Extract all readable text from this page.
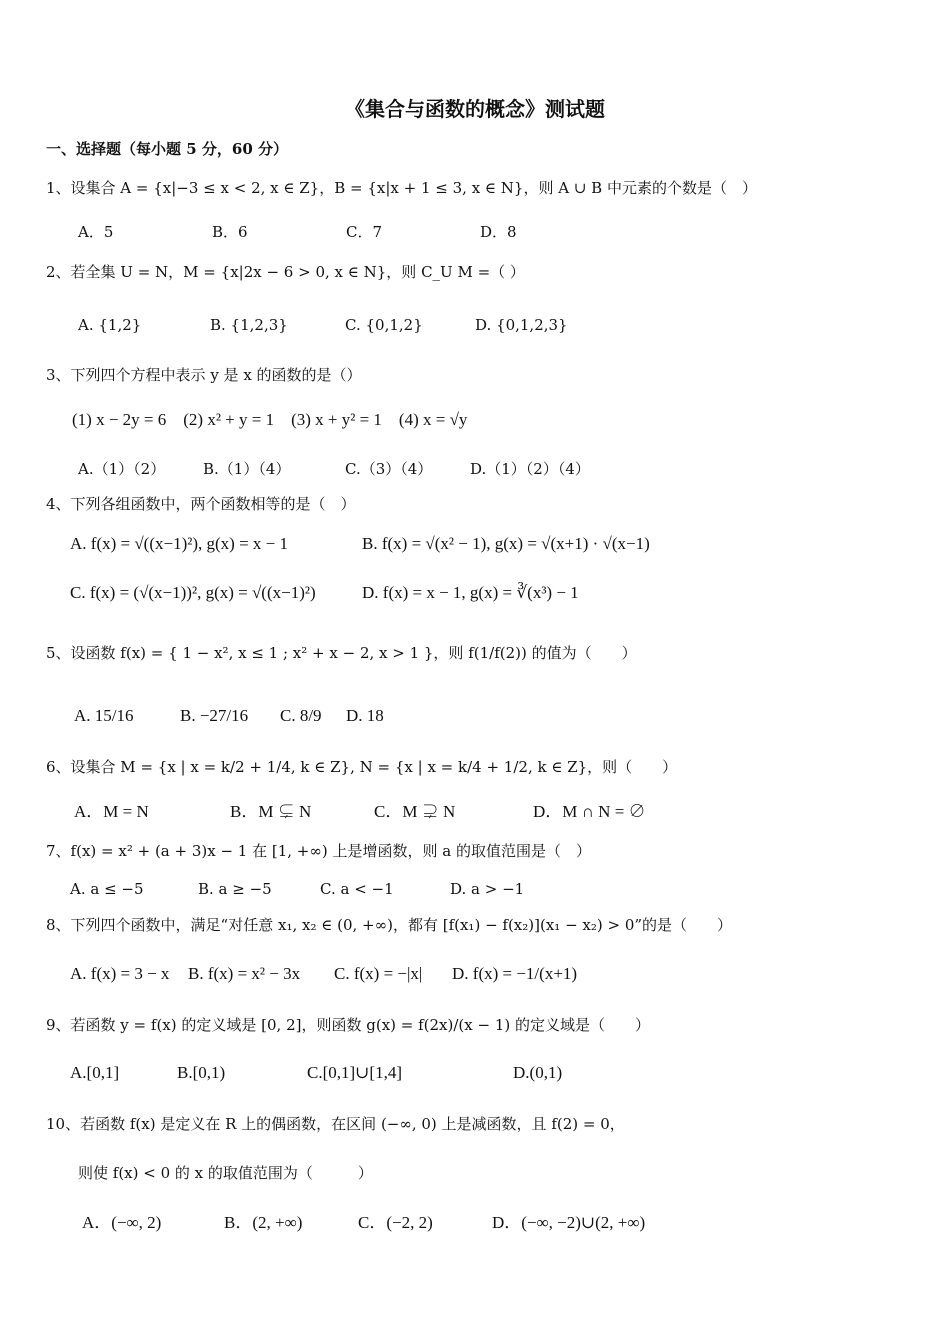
《集合与函数的概念》测试题
一、选择题（每小题 5 分，60 分）
1、设集合 A = {x|−3 ≤ x < 2, x ∈ Z}，B = {x|x + 1 ≤ 3, x ∈ N}，则 A ∪ B 中元素的个数是（　）
A．5	B．6	C．7	D．8
2、若全集 U = N，M = {x|2x − 6 > 0, x ∈ N}，则 C_U M =（ ）
A. {1,2}	B. {1,2,3}	C. {0,1,2}	D. {0,1,2,3}
3、下列四个方程中表示 y 是 x 的函数的是（）
(1) x − 2y = 6　(2) x² + y = 1　(3) x + y² = 1　(4) x = √y
A.（1）（2）	B.（1）（4）	C.（3）（4）	D.（1）（2）（4）
4、下列各组函数中，两个函数相等的是（　）
A. f(x) = √((x−1)²), g(x) = x − 1	B. f(x) = √(x² − 1), g(x) = √(x+1) · √(x−1)
C. f(x) = (√(x−1))², g(x) = √((x−1)²)	D. f(x) = x − 1, g(x) = ∛(x³) − 1
5、设函数 f(x) = { 1 − x², x ≤ 1 ; x² + x − 2, x > 1 }，则 f(1/f(2)) 的值为（　　）
A. 15/16	B. −27/16 C. 8/9 D. 18
6、设集合 M = {x | x = k/2 + 1/4, k ∈ Z}, N = {x | x = k/4 + 1/2, k ∈ Z}，则（　　）
A．M = N	B．M ⊊ N	C．M ⊋ N	D．M ∩ N = ∅
7、f(x) = x² + (a + 3)x − 1 在 [1, +∞) 上是增函数，则 a 的取值范围是（　）
A. a ≤ −5	B. a ≥ −5	C. a < −1	D. a > −1
8、下列四个函数中，满足“对任意 x₁, x₂ ∈ (0, +∞)，都有 [f(x₁) − f(x₂)](x₁ − x₂) > 0”的是（　　）
A. f(x) = 3 − x B. f(x) = x² − 3x C. f(x) = −|x| D. f(x) = −1/(x+1)
9、若函数 y = f(x) 的定义域是 [0, 2]，则函数 g(x) = f(2x)/(x − 1) 的定义域是（　　）
A.[0,1]	B.[0,1)	C.[0,1]∪[1,4]	D.(0,1)
10、若函数 f(x) 是定义在 R 上的偶函数，在区间 (−∞, 0) 上是减函数，且 f(2) = 0，
则使 f(x) < 0 的 x 的取值范围为（　　　）
A．(−∞, 2)	B．(2, +∞)	C．(−2, 2)	D．(−∞, −2)∪(2, +∞)
